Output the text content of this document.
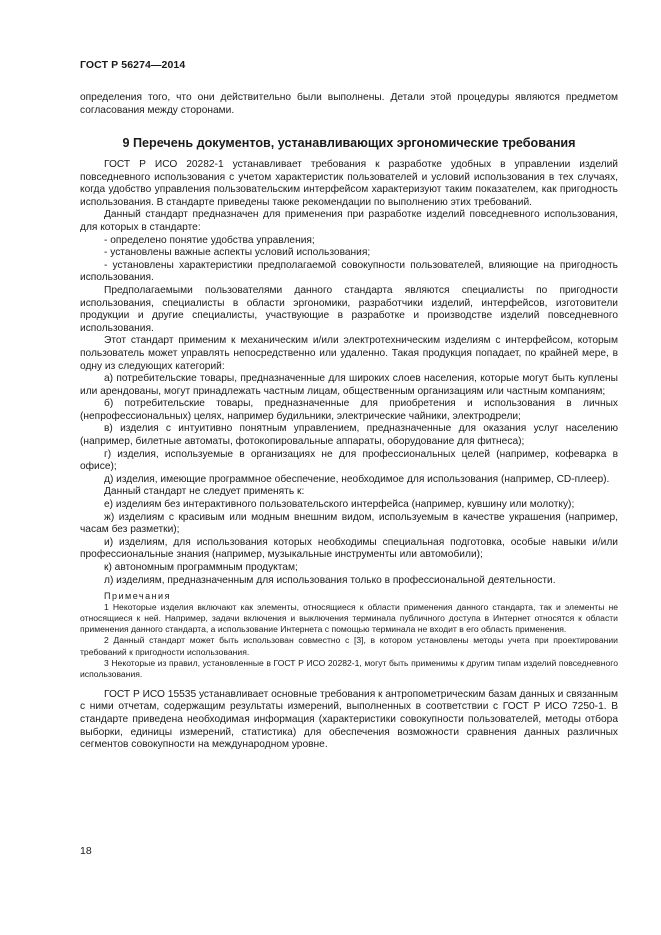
ГОСТ Р 56274—2014
определения того, что они действительно были выполнены. Детали этой процедуры являются предметом согласования между сторонами.
9 Перечень документов, устанавливающих эргономические требования

ГОСТ Р ИСО 20282-1 устанавливает требования к разработке удобных в управлении изделий повседневного использования с учетом характеристик пользователей и условий использования в тех случаях, когда удобство управления пользовательским интерфейсом характеризуют таким показателем, как пригодность использования. В стандарте приведены также рекомендации по выполнению этих требований.

Данный стандарт предназначен для применения при разработке изделий повседневного использования, для которых в стандарте:

- определено понятие удобства управления;

- установлены важные аспекты условий использования;

- установлены характеристики предполагаемой совокупности пользователей, влияющие на пригодность использования.

Предполагаемыми пользователями данного стандарта являются специалисты по пригодности использования, специалисты в области эргономики, разработчики изделий, интерфейсов, изготовители продукции и другие специалисты, участвующие в разработке и производстве изделий повседневного использования.

Этот стандарт применим к механическим и/или электротехническим изделиям с интерфейсом, которым пользователь может управлять непосредственно или удаленно. Такая продукция попадает, по крайней мере, в одну из следующих категорий:

а) потребительские товары, предназначенные для широких слоев населения, которые могут быть куплены или арендованы, могут принадлежать частным лицам, общественным организациям или частным компаниям;

б) потребительские товары, предназначенные для приобретения и использования в личных (непрофессиональных) целях, например будильники, электрические чайники, электродрели;

в) изделия с интуитивно понятным управлением, предназначенные для оказания услуг населению (например, билетные автоматы, фотокопировальные аппараты, оборудование для фитнеса);

г) изделия, используемые в организациях не для профессиональных целей (например, кофеварка в офисе);

д) изделия, имеющие программное обеспечение, необходимое для использования (например, CD-плеер).

Данный стандарт не следует применять к:

е) изделиям без интерактивного пользовательского интерфейса (например, кувшину или молотку);

ж) изделиям с красивым или модным внешним видом, используемым в качестве украшения (например, часам без разметки);

и) изделиям, для использования которых необходимы специальная подготовка, особые навыки и/или профессиональные знания (например, музыкальные инструменты или автомобили);

к) автономным программным продуктам;

л) изделиям, предназначенным для использования только в профессиональной деятельности.

Примечания

1 Некоторые изделия включают как элементы, относящиеся к области применения данного стандарта, так и элементы не относящиеся к ней. Например, задачи включения и выключения терминала публичного доступа в Интернет относятся к области применения данного стандарта, а использование Интернета с помощью терминала не входит в его область применения.

2 Данный стандарт может быть использован совместно с [3], в котором установлены методы учета при проектировании требований к пригодности использования.

3 Некоторые из правил, установленные в ГОСТ Р ИСО 20282-1, могут быть применимы к другим типам изделий повседневного использования.

ГОСТ Р ИСО 15535 устанавливает основные требования к антропометрическим базам данных и связанным с ними отчетам, содержащим результаты измерений, выполненных в соответствии с ГОСТ Р ИСО 7250-1. В стандарте приведена необходимая информация (характеристики совокупности пользователей, методы отбора выборки, единицы измерений, статистика) для обеспечения возможности сравнения данных различных сегментов совокупности на международном уровне.

18
